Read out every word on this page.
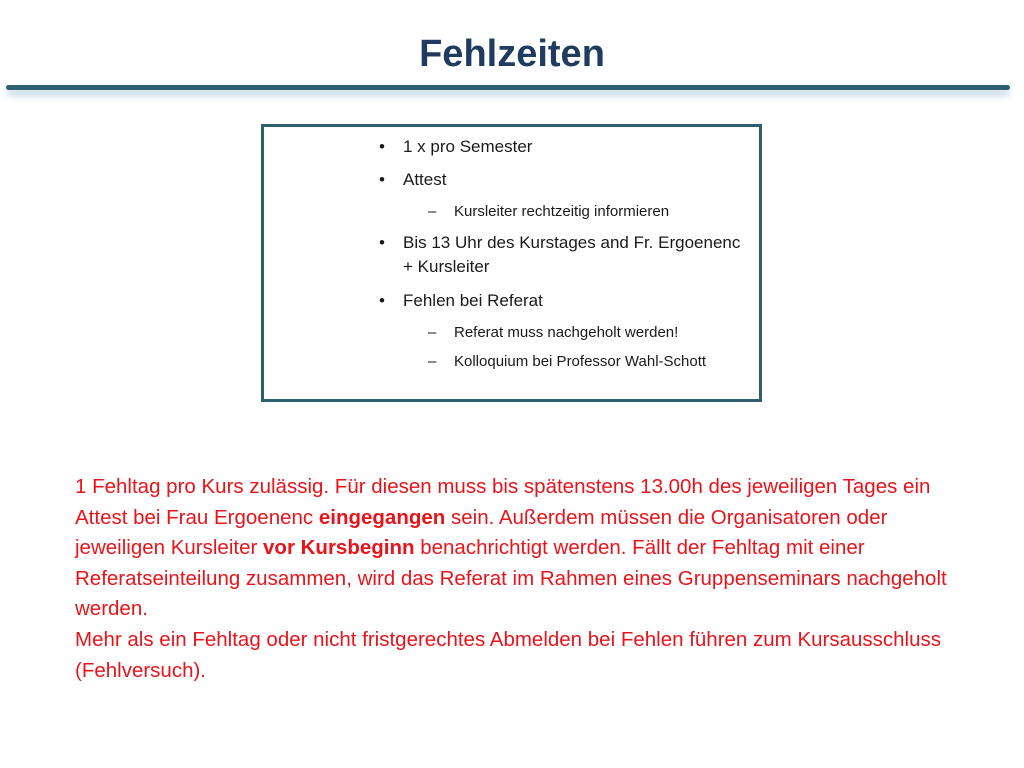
Fehlzeiten
•	1 x pro Semester
•	Attest
–	Kursleiter rechtzeitig informieren
•	Bis 13 Uhr des Kurstages and Fr. Ergoenenc + Kursleiter
•	Fehlen bei Referat
–	Referat muss nachgeholt werden!
–	Kolloquium bei Professor Wahl-Schott

1 Fehltag pro Kurs zulässig. Für diesen muss bis spätenstens 13.00h des jeweiligen Tages ein Attest bei Frau Ergoenenc eingegangen sein. Außerdem müssen die Organisatoren oder jeweiligen Kursleiter vor Kursbeginn benachrichtigt werden. Fällt der Fehltag mit einer Referatseinteilung zusammen, wird das Referat im Rahmen eines Gruppenseminars nachgeholt werden.
Mehr als ein Fehltag oder nicht fristgerechtes Abmelden bei Fehlen führen zum Kursausschluss (Fehlversuch).
